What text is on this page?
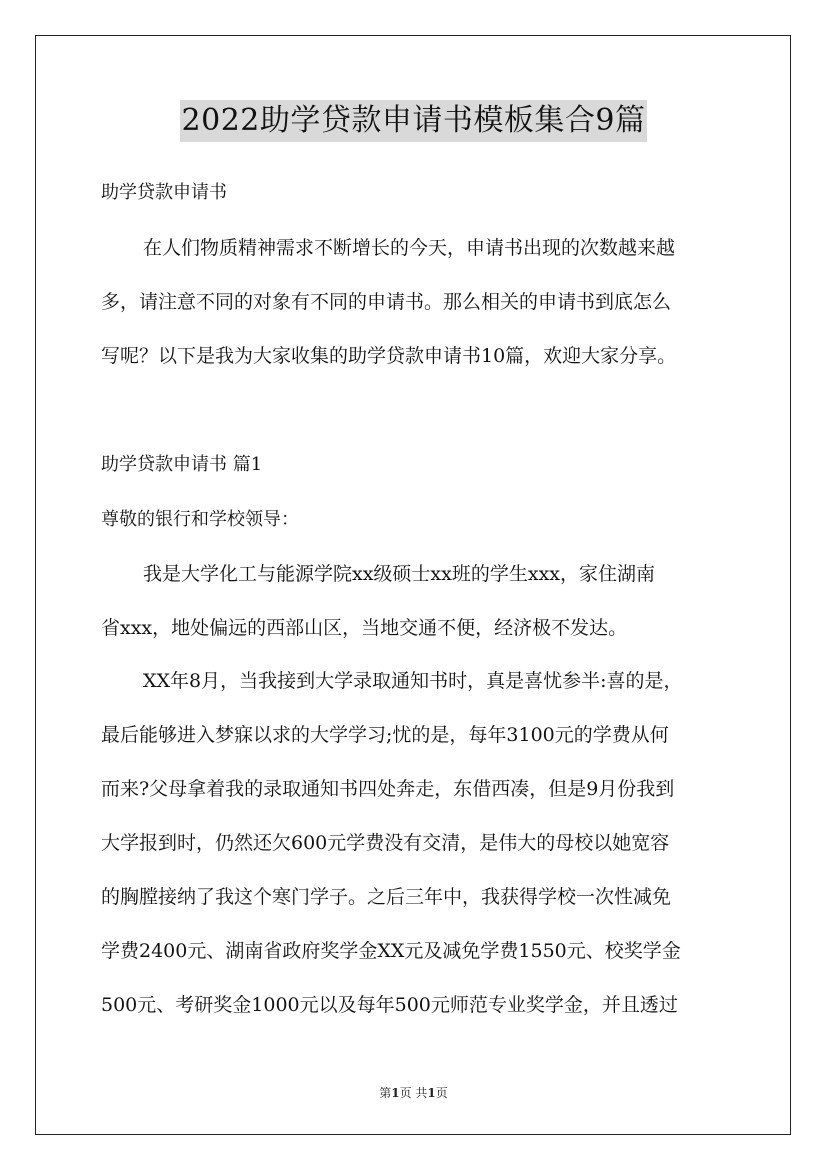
2022助学贷款申请书模板集合9篇
助学贷款申请书
在人们物质精神需求不断增长的今天，申请书出现的次数越来越
多，请注意不同的对象有不同的申请书。那么相关的申请书到底怎么
写呢？以下是我为大家收集的助学贷款申请书10篇，欢迎大家分享。
助学贷款申请书 篇1
尊敬的银行和学校领导：
我是大学化工与能源学院xx级硕士xx班的学生xxx，家住湖南
省xxx，地处偏远的西部山区，当地交通不便，经济极不发达。
XX年8月，当我接到大学录取通知书时，真是喜忧参半:喜的是，
最后能够进入梦寐以求的大学学习;忧的是，每年3100元的学费从何
而来?父母拿着我的录取通知书四处奔走，东借西凑，但是9月份我到
大学报到时，仍然还欠600元学费没有交清，是伟大的母校以她宽容
的胸膛接纳了我这个寒门学子。之后三年中，我获得学校一次性减免
学费2400元、湖南省政府奖学金XX元及减免学费1550元、校奖学金
500元、考研奖金1000元以及每年500元师范专业奖学金，并且透过
第1页 共1页
